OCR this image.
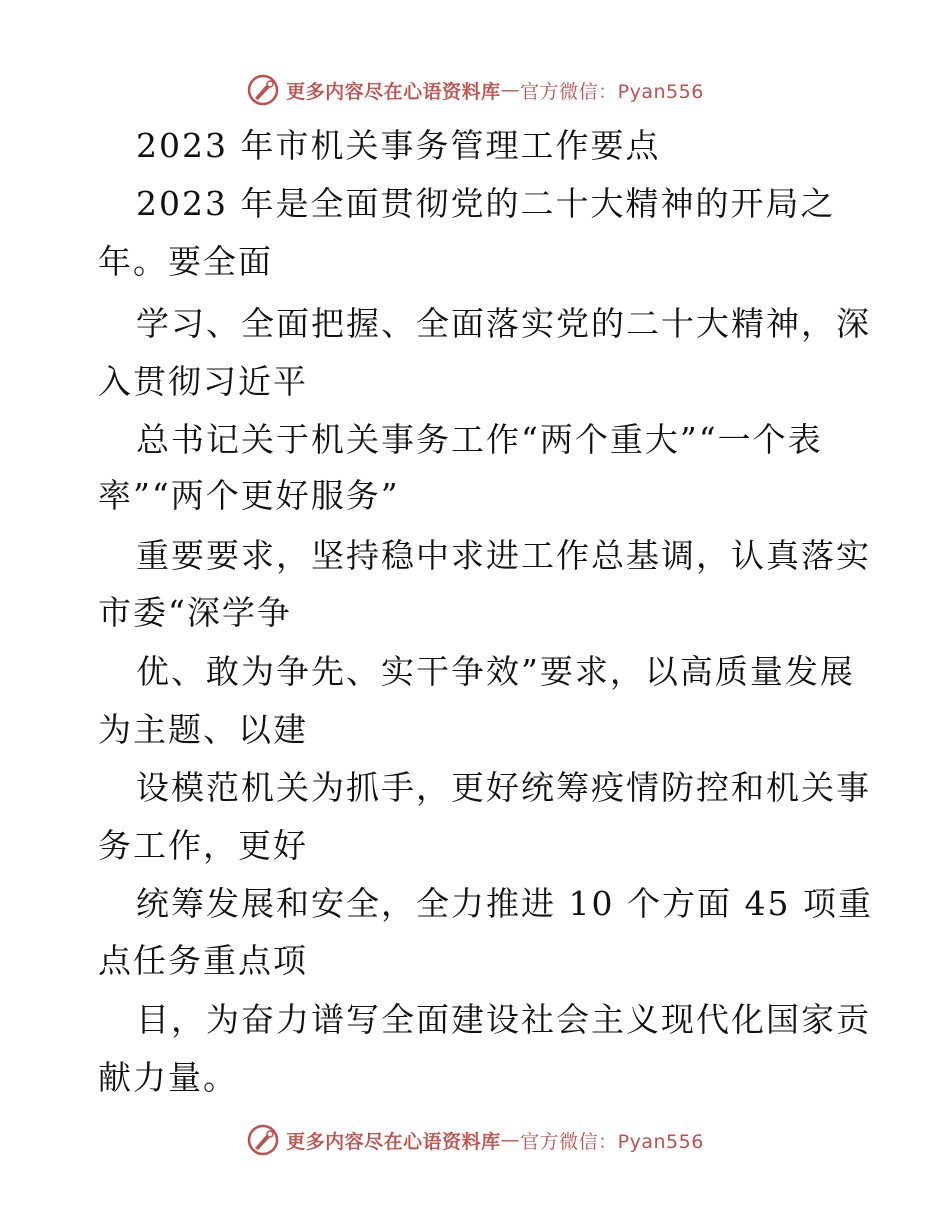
更多内容尽在心语资料库 — 官方微信：Pyan556
2023 年市机关事务管理工作要点
2023 年是全面贯彻党的二十大精神的开局之
年。要全面
学习、全面把握、全面落实党的二十大精神，深
入贯彻习近平
总书记关于机关事务工作“两个重大”“一个表
率”“两个更好服务”
重要要求，坚持稳中求进工作总基调，认真落实
市委“深学争
优、敢为争先、实干争效”要求，以高质量发展
为主题、以建
设模范机关为抓手，更好统筹疫情防控和机关事
务工作，更好
统筹发展和安全，全力推进 10 个方面 45 项重
点任务重点项
目，为奋力谱写全面建设社会主义现代化国家贡
献力量。
更多内容尽在心语资料库 — 官方微信：Pyan556
